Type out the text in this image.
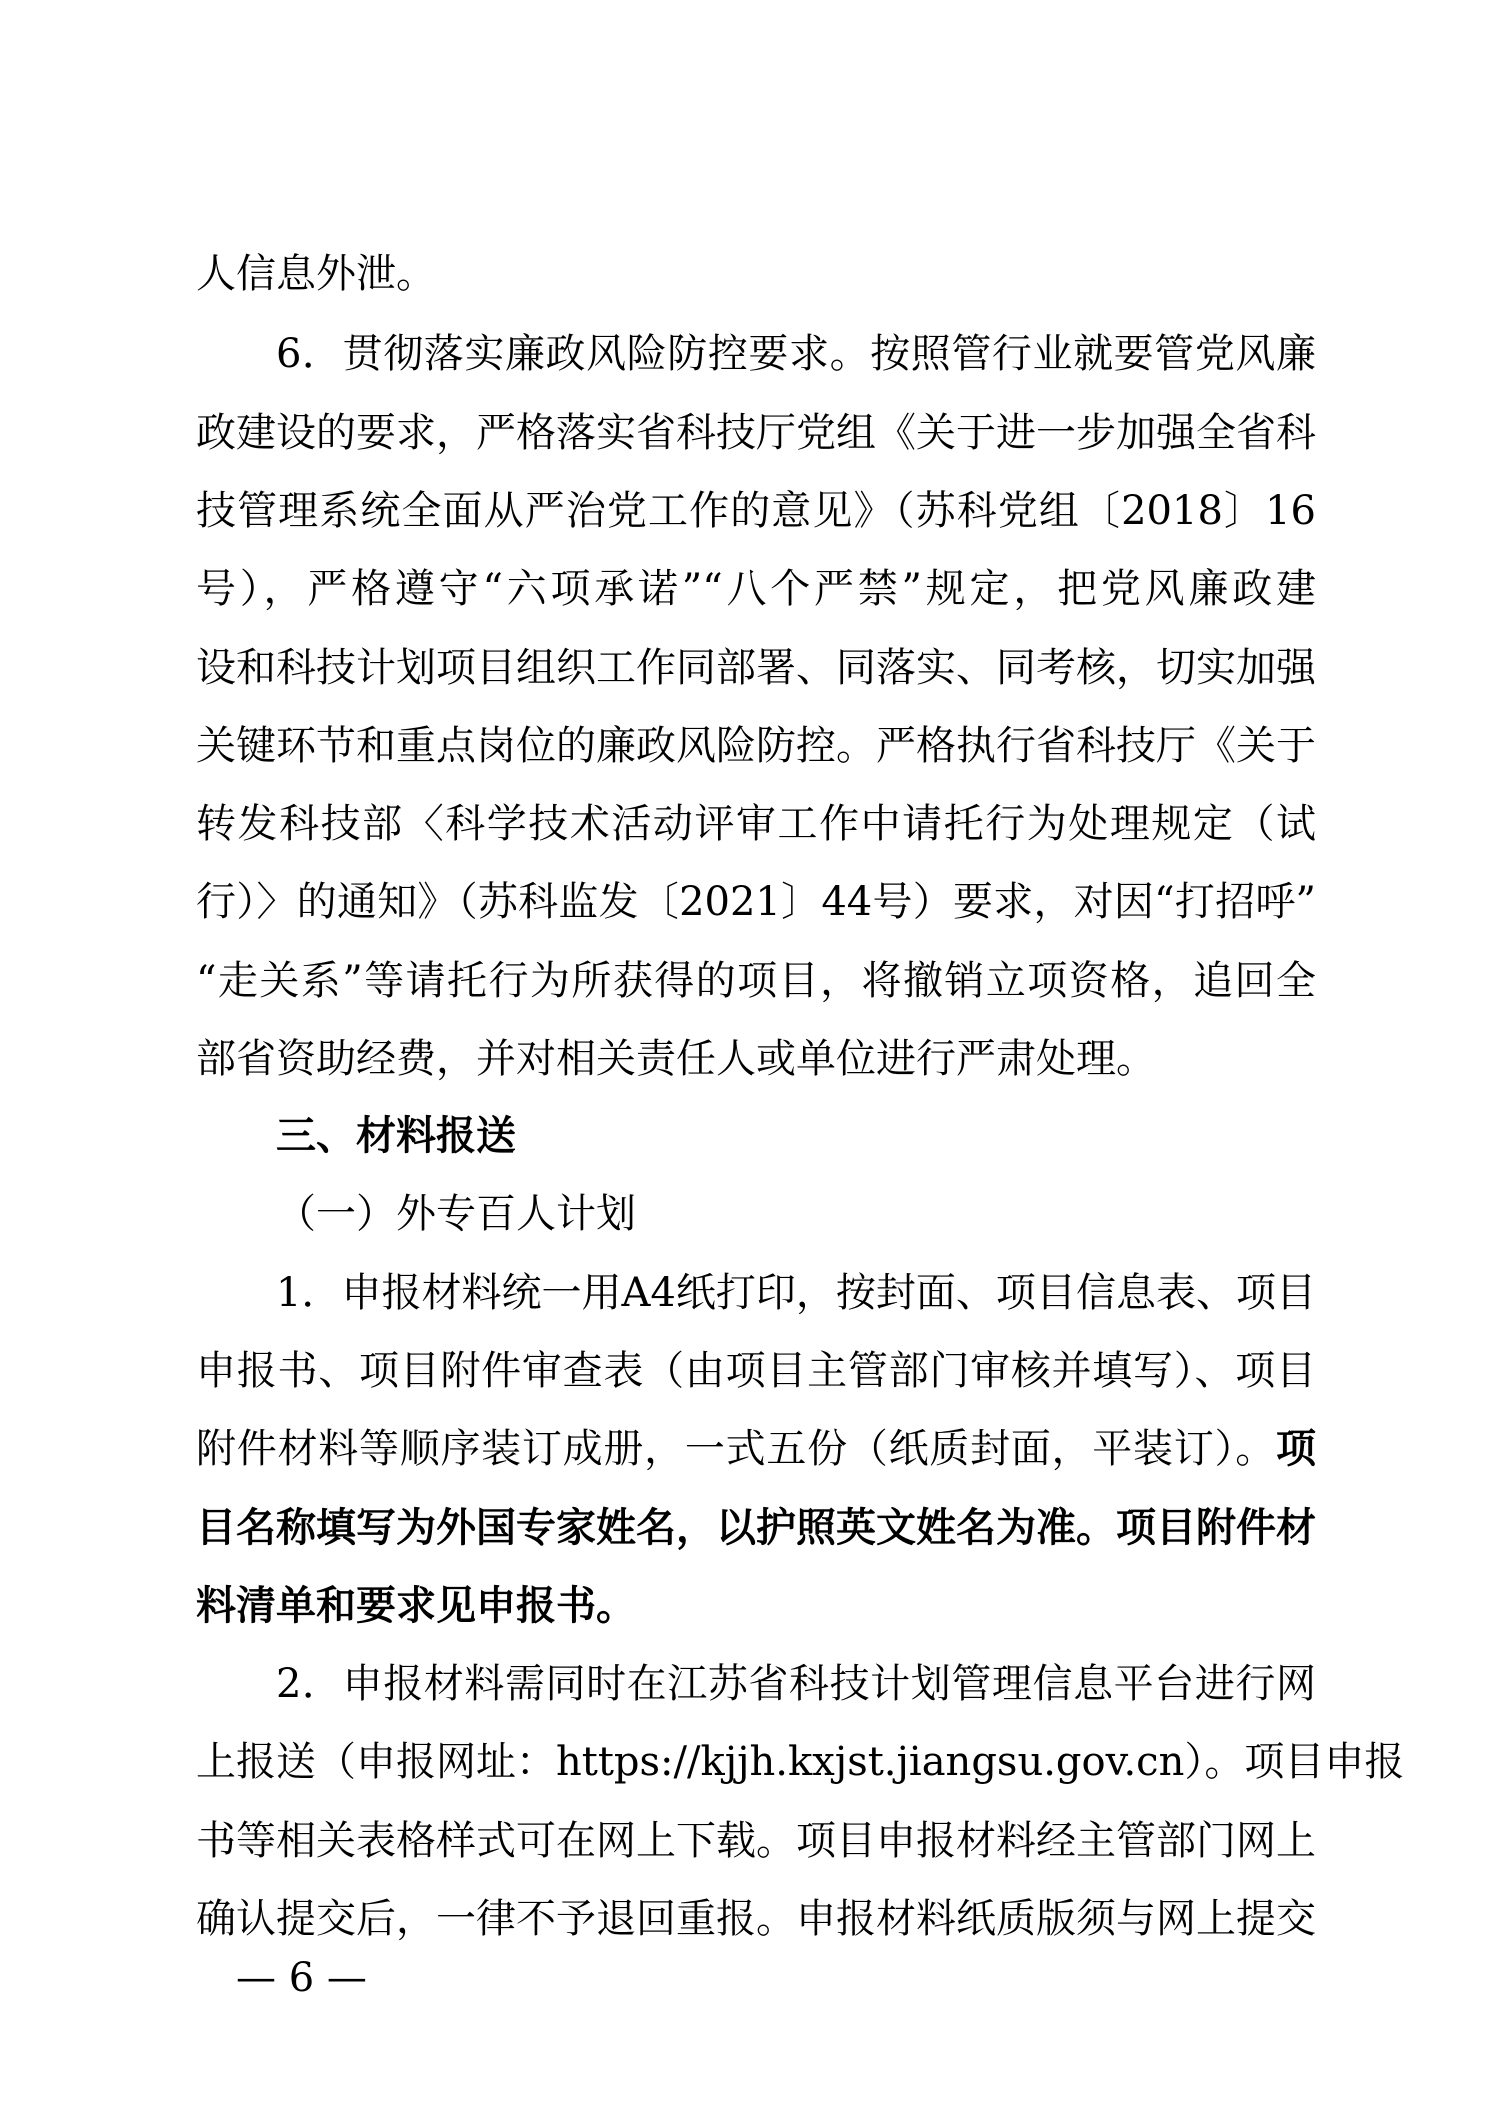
人信息外泄。
6．贯彻落实廉政风险防控要求。按照管行业就要管党风廉
政建设的要求，严格落实省科技厅党组《关于进一步加强全省科
技管理系统全面从严治党工作的意见》（苏科党组〔2018〕16
号），严格遵守“六项承诺”“八个严禁”规定，把党风廉政建
设和科技计划项目组织工作同部署、同落实、同考核，切实加强
关键环节和重点岗位的廉政风险防控。严格执行省科技厅《关于
转发科技部〈科学技术活动评审工作中请托行为处理规定（试
行）〉的通知》（苏科监发〔2021〕44号）要求，对因“打招呼”
“走关系”等请托行为所获得的项目，将撤销立项资格，追回全
部省资助经费，并对相关责任人或单位进行严肃处理。
三、材料报送
（一）外专百人计划
1．申报材料统一用A4纸打印，按封面、项目信息表、项目
申报书、项目附件审查表（由项目主管部门审核并填写）、项目
附件材料等顺序装订成册，一式五份（纸质封面，平装订）。项
目名称填写为外国专家姓名，以护照英文姓名为准。项目附件材
料清单和要求见申报书。
2．申报材料需同时在江苏省科技计划管理信息平台进行网
上报送（申报网址：https://kjjh.kxjst.jiangsu.gov.cn）。项目申报
书等相关表格样式可在网上下载。项目申报材料经主管部门网上
确认提交后，一律不予退回重报。申报材料纸质版须与网上提交
— 6 —
